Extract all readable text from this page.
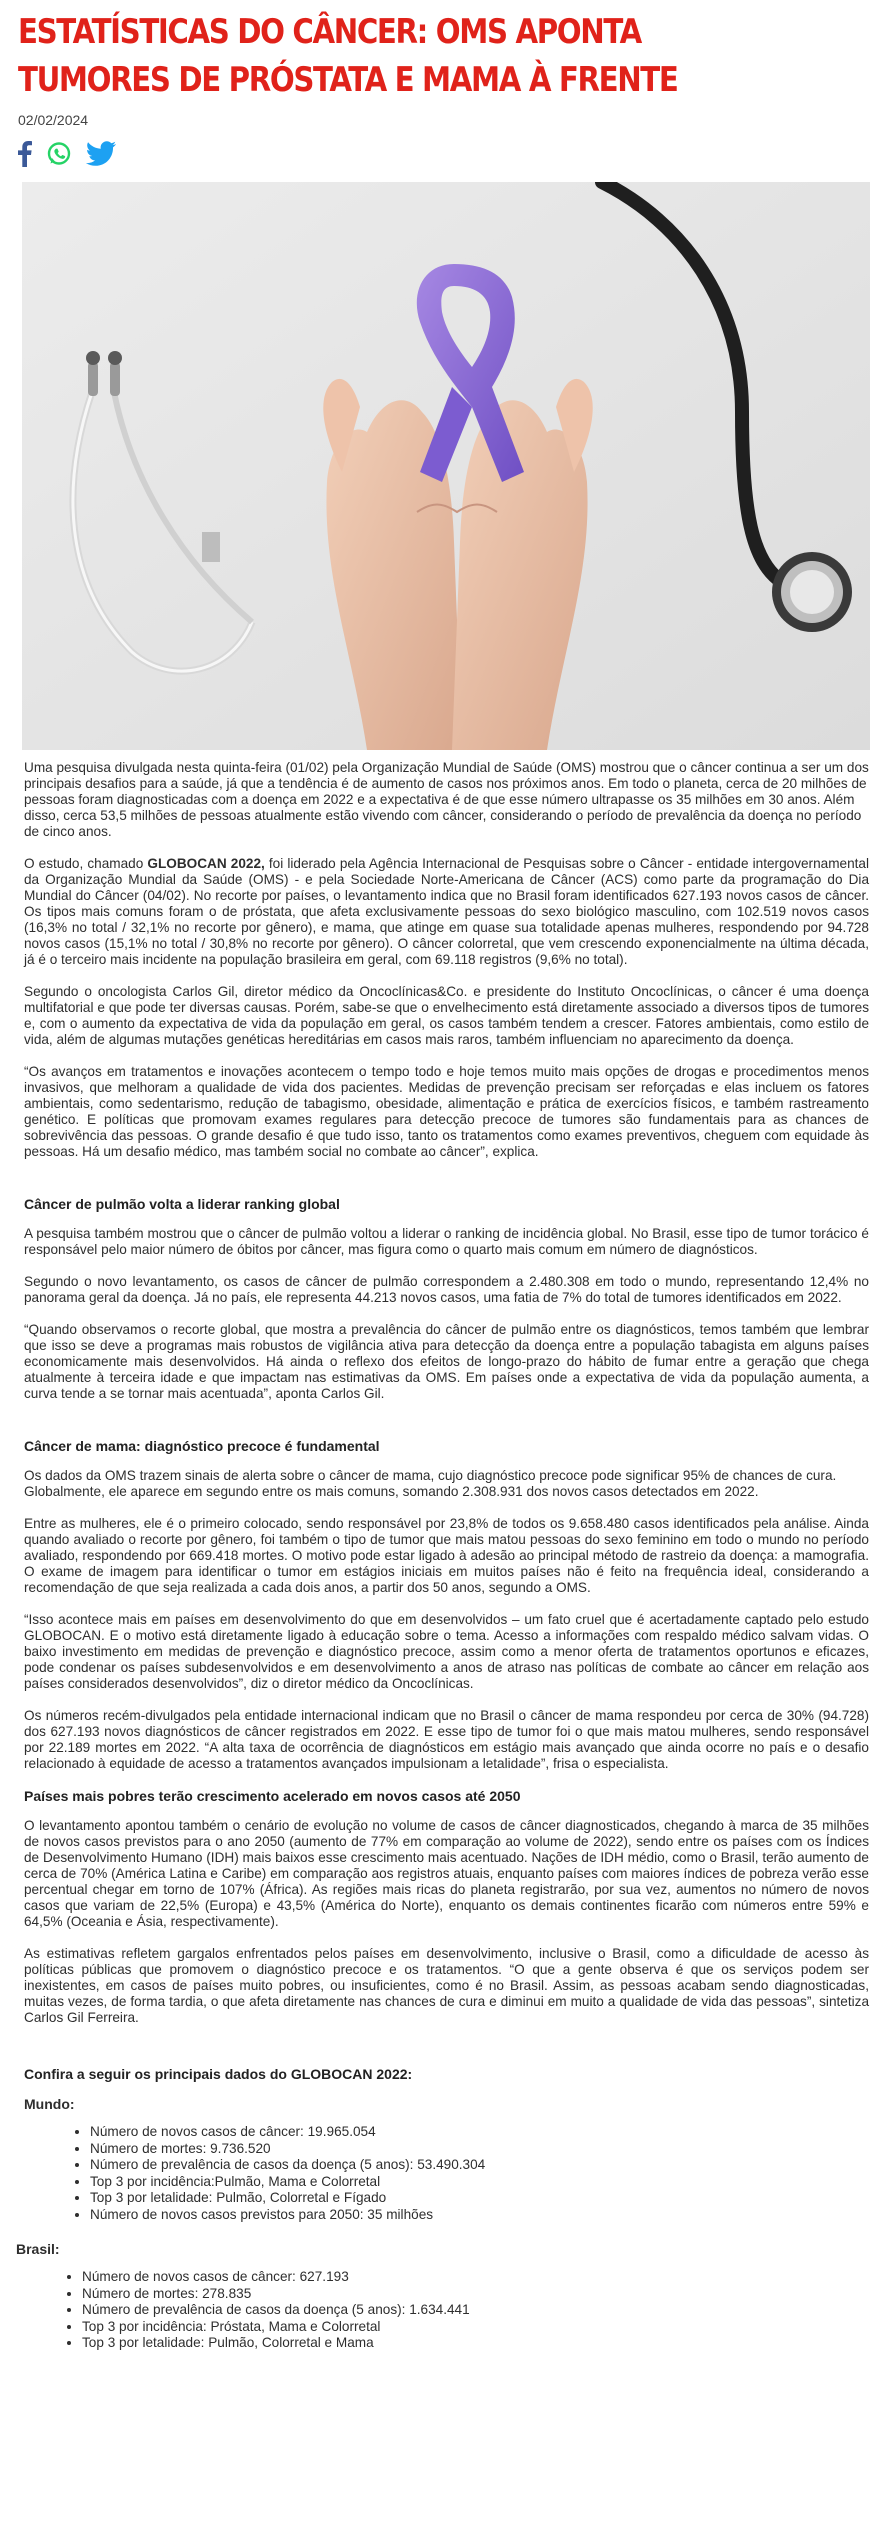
ESTATÍSTICAS DO CÂNCER: OMS APONTA TUMORES DE PRÓSTATA E MAMA À FRENTE
02/02/2024

Uma pesquisa divulgada nesta quinta-feira (01/02) pela Organização Mundial de Saúde (OMS) mostrou que o câncer continua a ser um dos principais desafios para a saúde, já que a tendência é de aumento de casos nos próximos anos. Em todo o planeta, cerca de 20 milhões de pessoas foram diagnosticadas com a doença em 2022 e a expectativa é de que esse número ultrapasse os 35 milhões em 30 anos. Além disso, cerca 53,5 milhões de pessoas atualmente estão vivendo com câncer, considerando o período de prevalência da doença no período de cinco anos.

O estudo, chamado GLOBOCAN 2022, foi liderado pela Agência Internacional de Pesquisas sobre o Câncer - entidade intergovernamental da Organização Mundial da Saúde (OMS) - e pela Sociedade Norte-Americana de Câncer (ACS) como parte da programação do Dia Mundial do Câncer (04/02). No recorte por países, o levantamento indica que no Brasil foram identificados 627.193 novos casos de câncer. Os tipos mais comuns foram o de próstata, que afeta exclusivamente pessoas do sexo biológico masculino, com 102.519 novos casos (16,3% no total / 32,1% no recorte por gênero), e mama, que atinge em quase sua totalidade apenas mulheres, respondendo por 94.728 novos casos (15,1% no total / 30,8% no recorte por gênero). O câncer colorretal, que vem crescendo exponencialmente na última década, já é o terceiro mais incidente na população brasileira em geral, com 69.118 registros (9,6% no total).

Segundo o oncologista Carlos Gil, diretor médico da Oncoclínicas&Co. e presidente do Instituto Oncoclínicas, o câncer é uma doença multifatorial e que pode ter diversas causas. Porém, sabe-se que o envelhecimento está diretamente associado a diversos tipos de tumores e, com o aumento da expectativa de vida da população em geral, os casos também tendem a crescer. Fatores ambientais, como estilo de vida, além de algumas mutações genéticas hereditárias em casos mais raros, também influenciam no aparecimento da doença.

“Os avanços em tratamentos e inovações acontecem o tempo todo e hoje temos muito mais opções de drogas e procedimentos menos invasivos, que melhoram a qualidade de vida dos pacientes. Medidas de prevenção precisam ser reforçadas e elas incluem os fatores ambientais, como sedentarismo, redução de tabagismo, obesidade, alimentação e prática de exercícios físicos, e também rastreamento genético. E políticas que promovam exames regulares para detecção precoce de tumores são fundamentais para as chances de sobrevivência das pessoas. O grande desafio é que tudo isso, tanto os tratamentos como exames preventivos, cheguem com equidade às pessoas. Há um desafio médico, mas também social no combate ao câncer”, explica.

Câncer de pulmão volta a liderar ranking global

A pesquisa também mostrou que o câncer de pulmão voltou a liderar o ranking de incidência global. No Brasil, esse tipo de tumor torácico é responsável pelo maior número de óbitos por câncer, mas figura como o quarto mais comum em número de diagnósticos.

Segundo o novo levantamento, os casos de câncer de pulmão correspondem a 2.480.308 em todo o mundo, representando 12,4% no panorama geral da doença. Já no país, ele representa 44.213 novos casos, uma fatia de 7% do total de tumores identificados em 2022.

“Quando observamos o recorte global, que mostra a prevalência do câncer de pulmão entre os diagnósticos, temos também que lembrar que isso se deve a programas mais robustos de vigilância ativa para detecção da doença entre a população tabagista em alguns países economicamente mais desenvolvidos. Há ainda o reflexo dos efeitos de longo-prazo do hábito de fumar entre a geração que chega atualmente à terceira idade e que impactam nas estimativas da OMS. Em países onde a expectativa de vida da população aumenta, a curva tende a se tornar mais acentuada”, aponta Carlos Gil.

Câncer de mama: diagnóstico precoce é fundamental

Os dados da OMS trazem sinais de alerta sobre o câncer de mama, cujo diagnóstico precoce pode significar 95% de chances de cura. Globalmente, ele aparece em segundo entre os mais comuns, somando 2.308.931 dos novos casos detectados em 2022.

Entre as mulheres, ele é o primeiro colocado, sendo responsável por 23,8% de todos os 9.658.480 casos identificados pela análise. Ainda quando avaliado o recorte por gênero, foi também o tipo de tumor que mais matou pessoas do sexo feminino em todo o mundo no período avaliado, respondendo por 669.418 mortes. O motivo pode estar ligado à adesão ao principal método de rastreio da doença: a mamografia. O exame de imagem para identificar o tumor em estágios iniciais em muitos países não é feito na frequência ideal, considerando a recomendação de que seja realizada a cada dois anos, a partir dos 50 anos, segundo a OMS.

“Isso acontece mais em países em desenvolvimento do que em desenvolvidos – um fato cruel que é acertadamente captado pelo estudo GLOBOCAN. E o motivo está diretamente ligado à educação sobre o tema. Acesso a informações com respaldo médico salvam vidas. O baixo investimento em medidas de prevenção e diagnóstico precoce, assim como a menor oferta de tratamentos oportunos e eficazes, pode condenar os países subdesenvolvidos e em desenvolvimento a anos de atraso nas políticas de combate ao câncer em relação aos países considerados desenvolvidos”, diz o diretor médico da Oncoclínicas.

Os números recém-divulgados pela entidade internacional indicam que no Brasil o câncer de mama respondeu por cerca de 30% (94.728) dos 627.193 novos diagnósticos de câncer registrados em 2022. E esse tipo de tumor foi o que mais matou mulheres, sendo responsável por 22.189 mortes em 2022. “A alta taxa de ocorrência de diagnósticos em estágio mais avançado que ainda ocorre no país e o desafio relacionado à equidade de acesso a tratamentos avançados impulsionam a letalidade”, frisa o especialista.

Países mais pobres terão crescimento acelerado em novos casos até 2050

O levantamento apontou também o cenário de evolução no volume de casos de câncer diagnosticados, chegando à marca de 35 milhões de novos casos previstos para o ano 2050 (aumento de 77% em comparação ao volume de 2022), sendo entre os países com os Índices de Desenvolvimento Humano (IDH) mais baixos esse crescimento mais acentuado. Nações de IDH médio, como o Brasil, terão aumento de cerca de 70% (América Latina e Caribe) em comparação aos registros atuais, enquanto países com maiores índices de pobreza verão esse percentual chegar em torno de 107% (África). As regiões mais ricas do planeta registrarão, por sua vez, aumentos no número de novos casos que variam de 22,5% (Europa) e 43,5% (América do Norte), enquanto os demais continentes ficarão com números entre 59% e 64,5% (Oceania e Ásia, respectivamente).

As estimativas refletem gargalos enfrentados pelos países em desenvolvimento, inclusive o Brasil, como a dificuldade de acesso às políticas públicas que promovem o diagnóstico precoce e os tratamentos. “O que a gente observa é que os serviços podem ser inexistentes, em casos de países muito pobres, ou insuficientes, como é no Brasil. Assim, as pessoas acabam sendo diagnosticadas, muitas vezes, de forma tardia, o que afeta diretamente nas chances de cura e diminui em muito a qualidade de vida das pessoas”, sintetiza Carlos Gil Ferreira.

Confira a seguir os principais dados do GLOBOCAN 2022:
Mundo:
• Número de novos casos de câncer: 19.965.054
• Número de mortes: 9.736.520
• Número de prevalência de casos da doença (5 anos): 53.490.304
• Top 3 por incidência:Pulmão, Mama e Colorretal
• Top 3 por letalidade: Pulmão, Colorretal e Fígado
• Número de novos casos previstos para 2050: 35 milhões
Brasil:
• Número de novos casos de câncer: 627.193
• Número de mortes: 278.835
• Número de prevalência de casos da doença (5 anos): 1.634.441
• Top 3 por incidência: Próstata, Mama e Colorretal
• Top 3 por letalidade: Pulmão, Colorretal e Mama
